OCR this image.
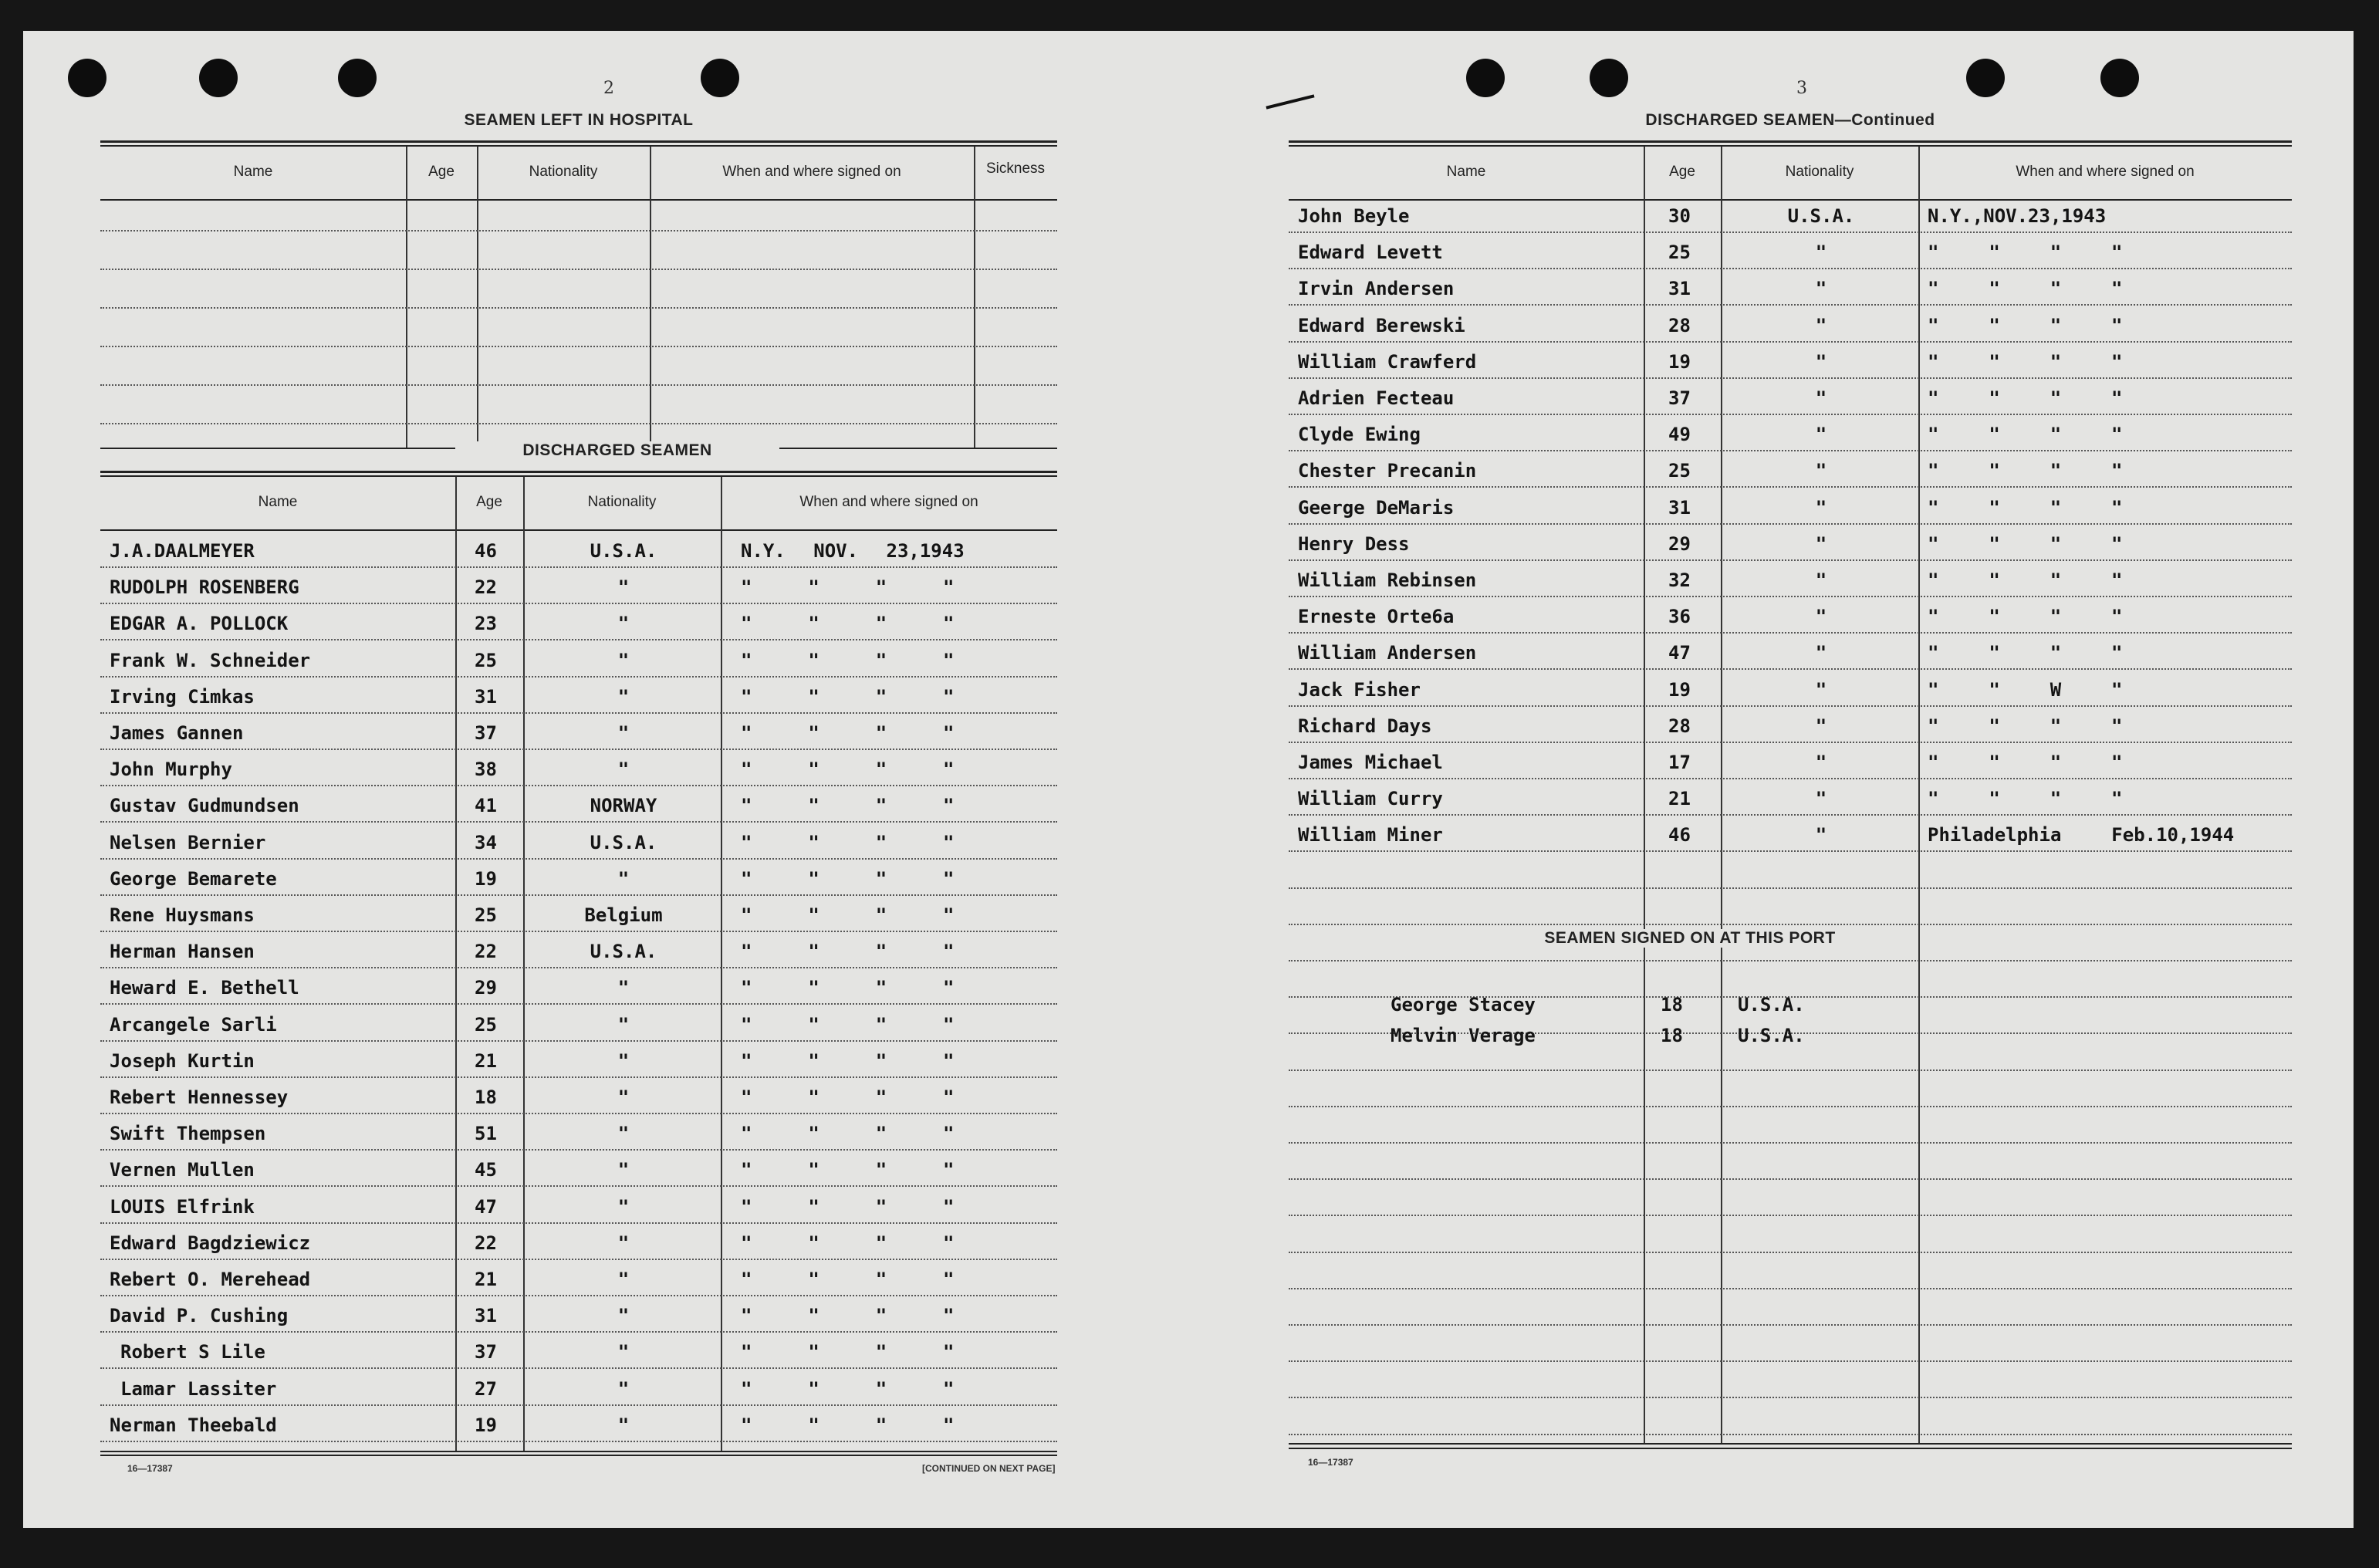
2
SEAMEN LEFT IN HOSPITAL
Name	Age	Nationality	When and where signed on	Sickness
DISCHARGED SEAMEN
Name	Age	Nationality	When and where signed on
J.A.DAALMEYER	46	U.S.A.	N.Y. NOV. 23,1943
RUDOLPH ROSENBERG	22	"	"  "  "  "
EDGAR A. POLLOCK	23	"	"  "  "  "
Frank W. Schneider	25	"	"  "  "  "
Irving Cimkas	31	"	"  "  "  "
James Gannen	37	"	"  "  "  "
John Murphy	38	"	"  "  "  "
Gustav Gudmundsen	41	NORWAY	"  "  "  "
Nelsen Bernier	34	U.S.A.	"  "  "  "
George Bemarete	19	"	"  "  "  "
Rene Huysmans	25	Belgium	"  "  "  "
Herman Hansen	22	U.S.A.	"  "  "  "
Heward E. Bethell	29	"	"  "  "  "
Arcangele Sarli	25	"	"  "  "  "
Joseph Kurtin	21	"	"  "  "  "
Rebert Hennessey	18	"	"  "  "  "
Swift Thempsen	51	"	"  "  "  "
Vernen Mullen	45	"	"  "  "  "
LOUIS Elfrink	47	"	"  "  "  "
Edward Bagdziewicz	22	"	"  "  "  "
Rebert O. Merehead	21	"	"  "  "  "
David P. Cushing	31	"	"  "  "  "
Robert S Lile	37	"	"  "  "  "
Lamar Lassiter	27	"	"  "  "  "
Nerman Theebald	19	"	"  "  "  "
16—17387	[CONTINUED ON NEXT PAGE]
3
DISCHARGED SEAMEN—Continued
Name	Age	Nationality	When and where signed on
John Beyle	30	U.S.A.	N.Y.,NOV.23,1943
Edward Levett	25	"	"  "  "  "
Irvin Andersen	31	"	"  "  "  "
Edward Berewski	28	"	"  "  "  "
William Crawferd	19	"	"  "  "  "
Adrien Fecteau	37	"	"  "  "  "
Clyde Ewing	49	"	"  "  "  "
Chester Precanin	25	"	"  "  "  "
Geerge DeMaris	31	"	"  "  "  "
Henry Dess	29	"	"  "  "  "
William Rebinsen	32	"	"  "  "  "
Erneste Orte6a	36	"	"  "  "  "
William Andersen	47	"	"  "  "  "
Jack Fisher	19	"	"  "  W  "
Richard Days	28	"	"  "  "  "
James Michael	17	"	"  "  "  "
William Curry	21	"	"  "  "  "
William Miner	46	"	Philadelphia  Feb.10,1944
SEAMEN SIGNED ON AT THIS PORT
George Stacey	18	U.S.A.
Melvin Verage	18	U.S.A.
16—17387
